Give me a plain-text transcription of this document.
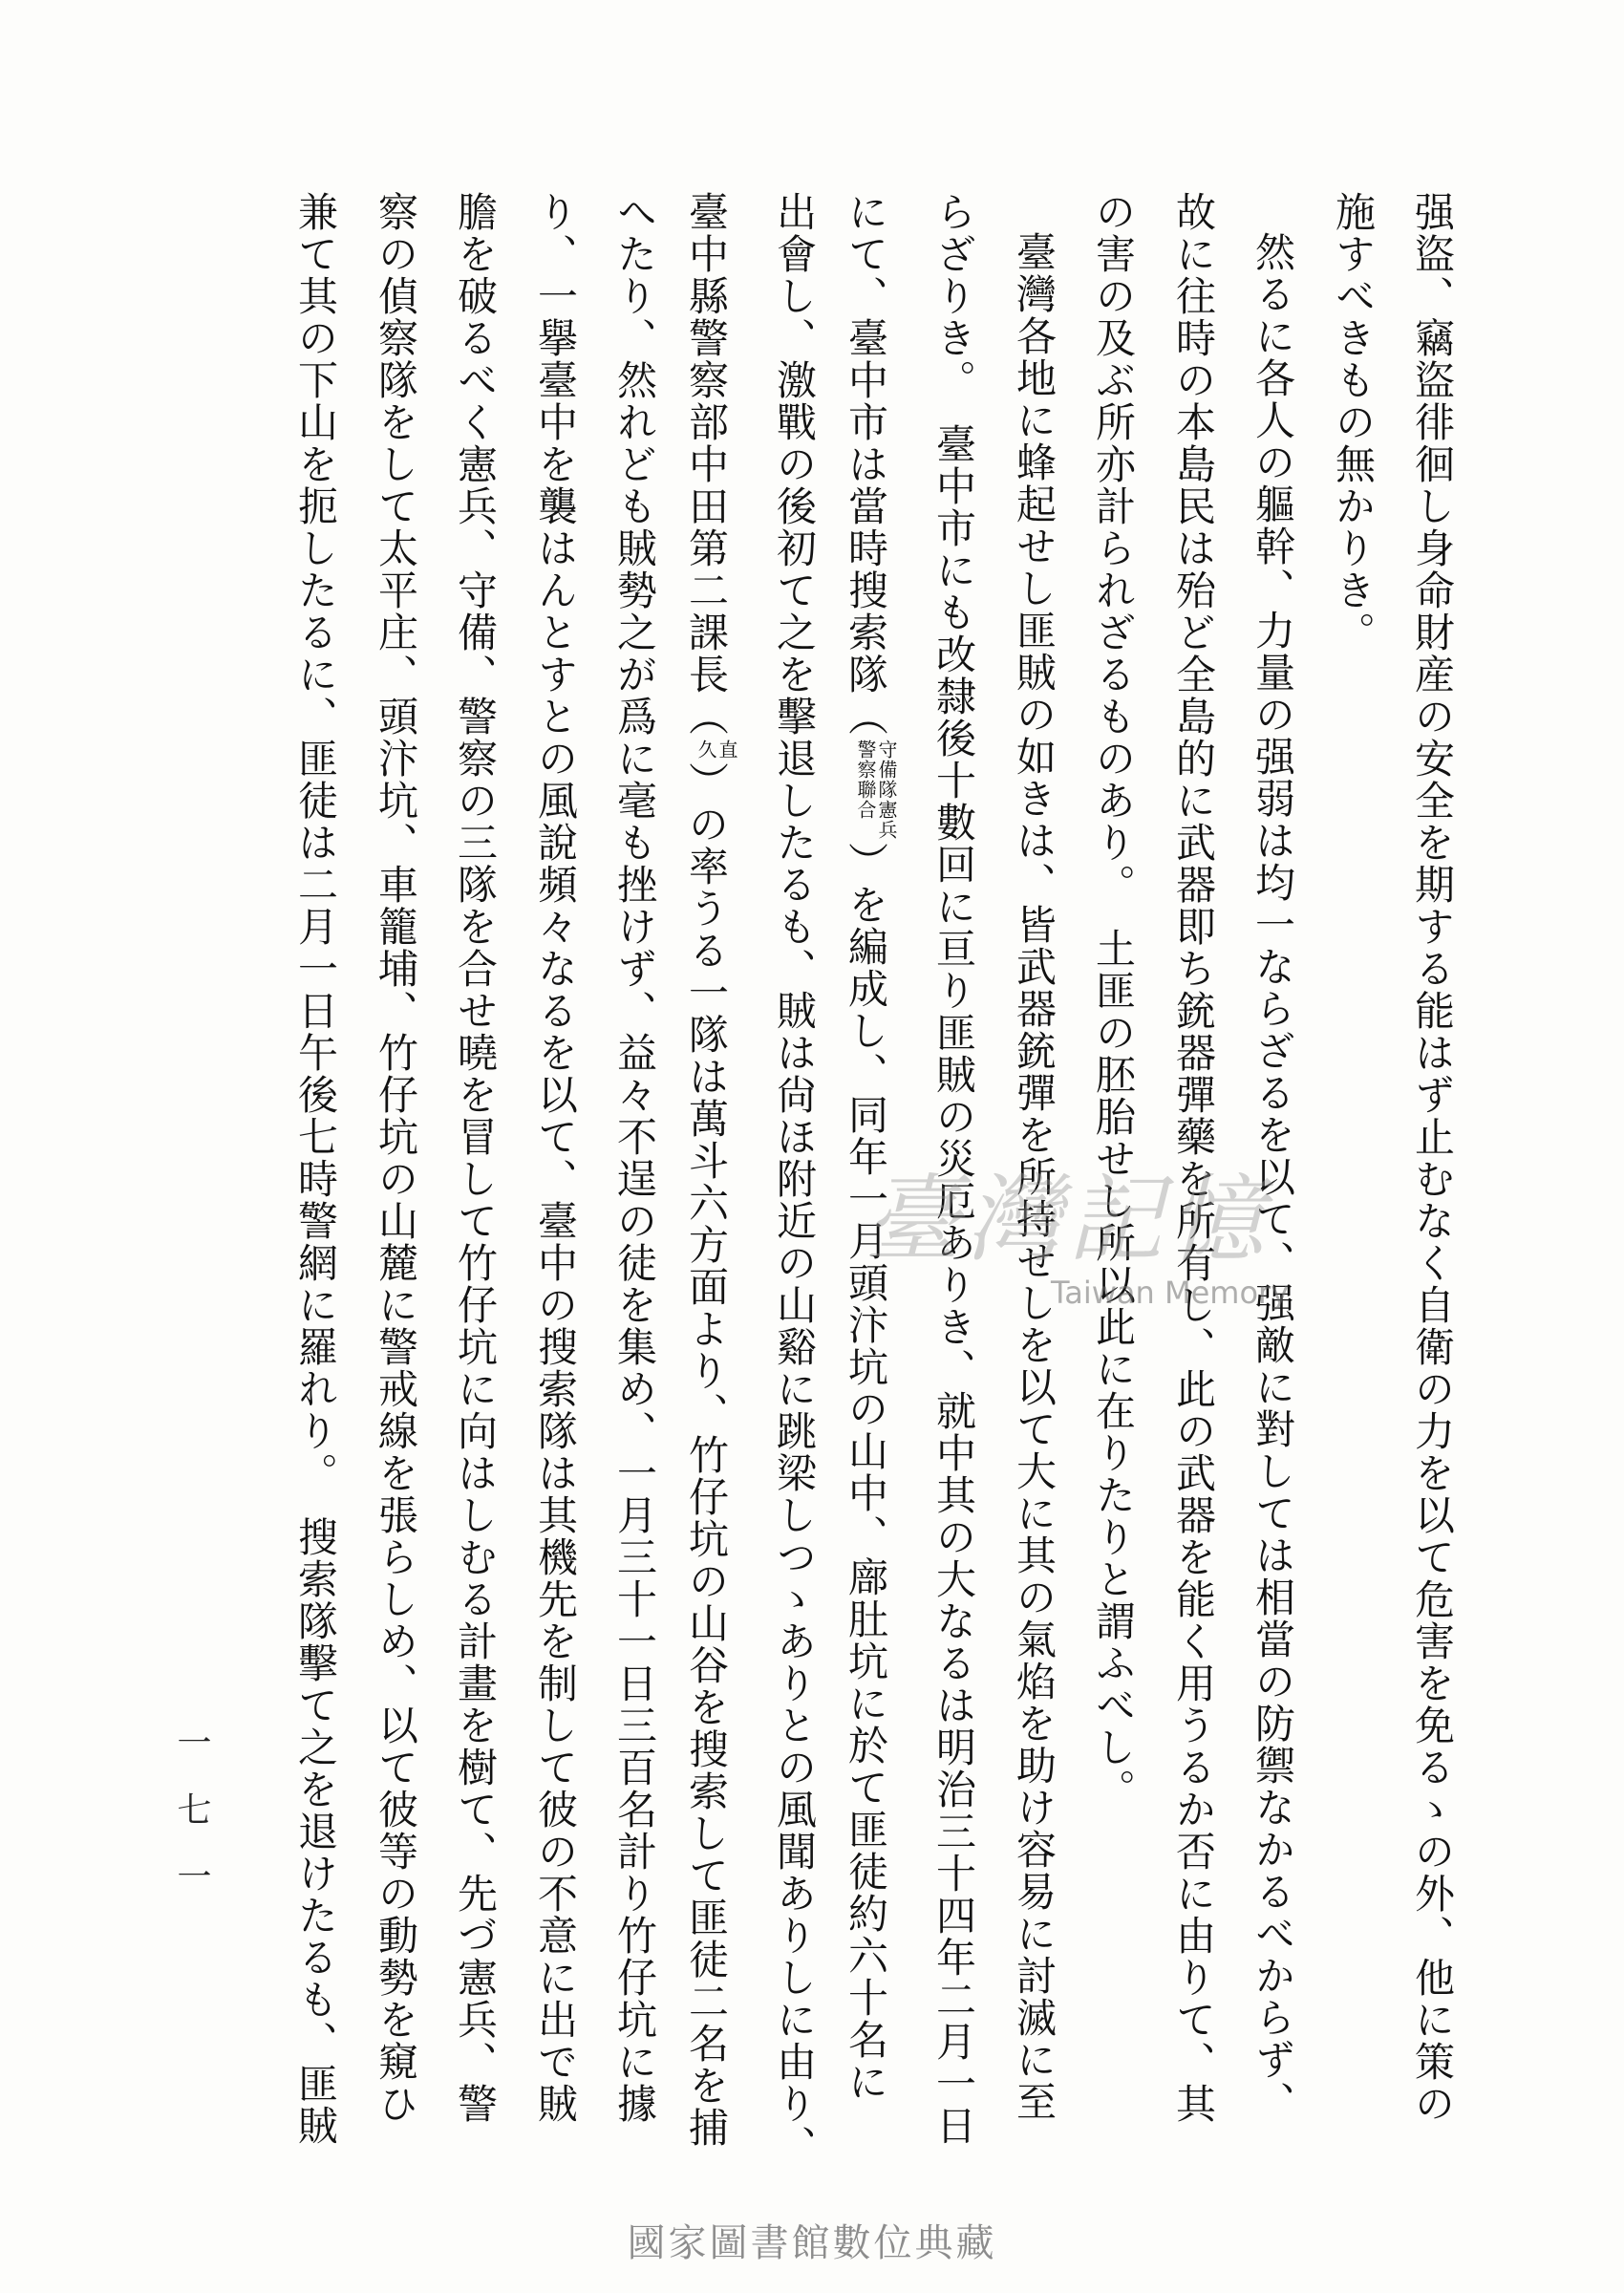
强盜、竊盜徘徊し身命財産の安全を期する能はず止むなく自衛の力を以て危害を免るゝの外、他に策の
施すべきもの無かりき。
然るに各人の軀幹、力量の强弱は均一ならざるを以て、强敵に對しては相當の防禦なかるべからず、
故に往時の本島民は殆ど全島的に武器即ち銃器彈藥を所有し、此の武器を能く用うるか否に由りて、其
の害の及ぶ所亦計られざるものあり。　土匪の胚胎せし所以此に在りたりと謂ふべし。
臺灣各地に蜂起せし匪賊の如きは、皆武器銃彈を所持せしを以て大に其の氣焰を助け容易に討滅に至
らざりき。　臺中市にも改隸後十數回に亘り匪賊の災厄ありき、就中其の大なるは明治三十四年二月一日
にて、臺中市は當時搜索隊（
守備隊憲兵
警察聯合
）を編成し、同年一月頭汴坑の山中、廍肚坑に於て匪徒約六十名に
出會し、激戰の後初て之を擊退したるも、賊は尙ほ附近の山谿に跳梁しつゝありとの風聞ありしに由り、
臺中縣警察部中田第二課長（
直
久
）の率うる一隊は萬斗六方面より、竹仔坑の山谷を搜索して匪徒二名を捕
へたり、然れども賊勢之が爲に毫も挫けず、益々不逞の徒を集め、一月三十一日三百名計り竹仔坑に據
り、一擧臺中を襲はんとすとの風說頻々なるを以て、臺中の搜索隊は其機先を制して彼の不意に出で賊
膽を破るべく憲兵、守備、警察の三隊を合せ曉を冒して竹仔坑に向はしむる計畫を樹て、先づ憲兵、警
察の偵察隊をして太平庄、頭汴坑、車籠埔、竹仔坑の山麓に警戒線を張らしめ、以て彼等の動勢を窺ひ
兼て其の下山を扼したるに、匪徒は二月一日午後七時警網に羅れり。　搜索隊擊て之を退けたるも、匪賊
一七一
臺灣記憶
Taiwan Memory
國家圖書館數位典藏
